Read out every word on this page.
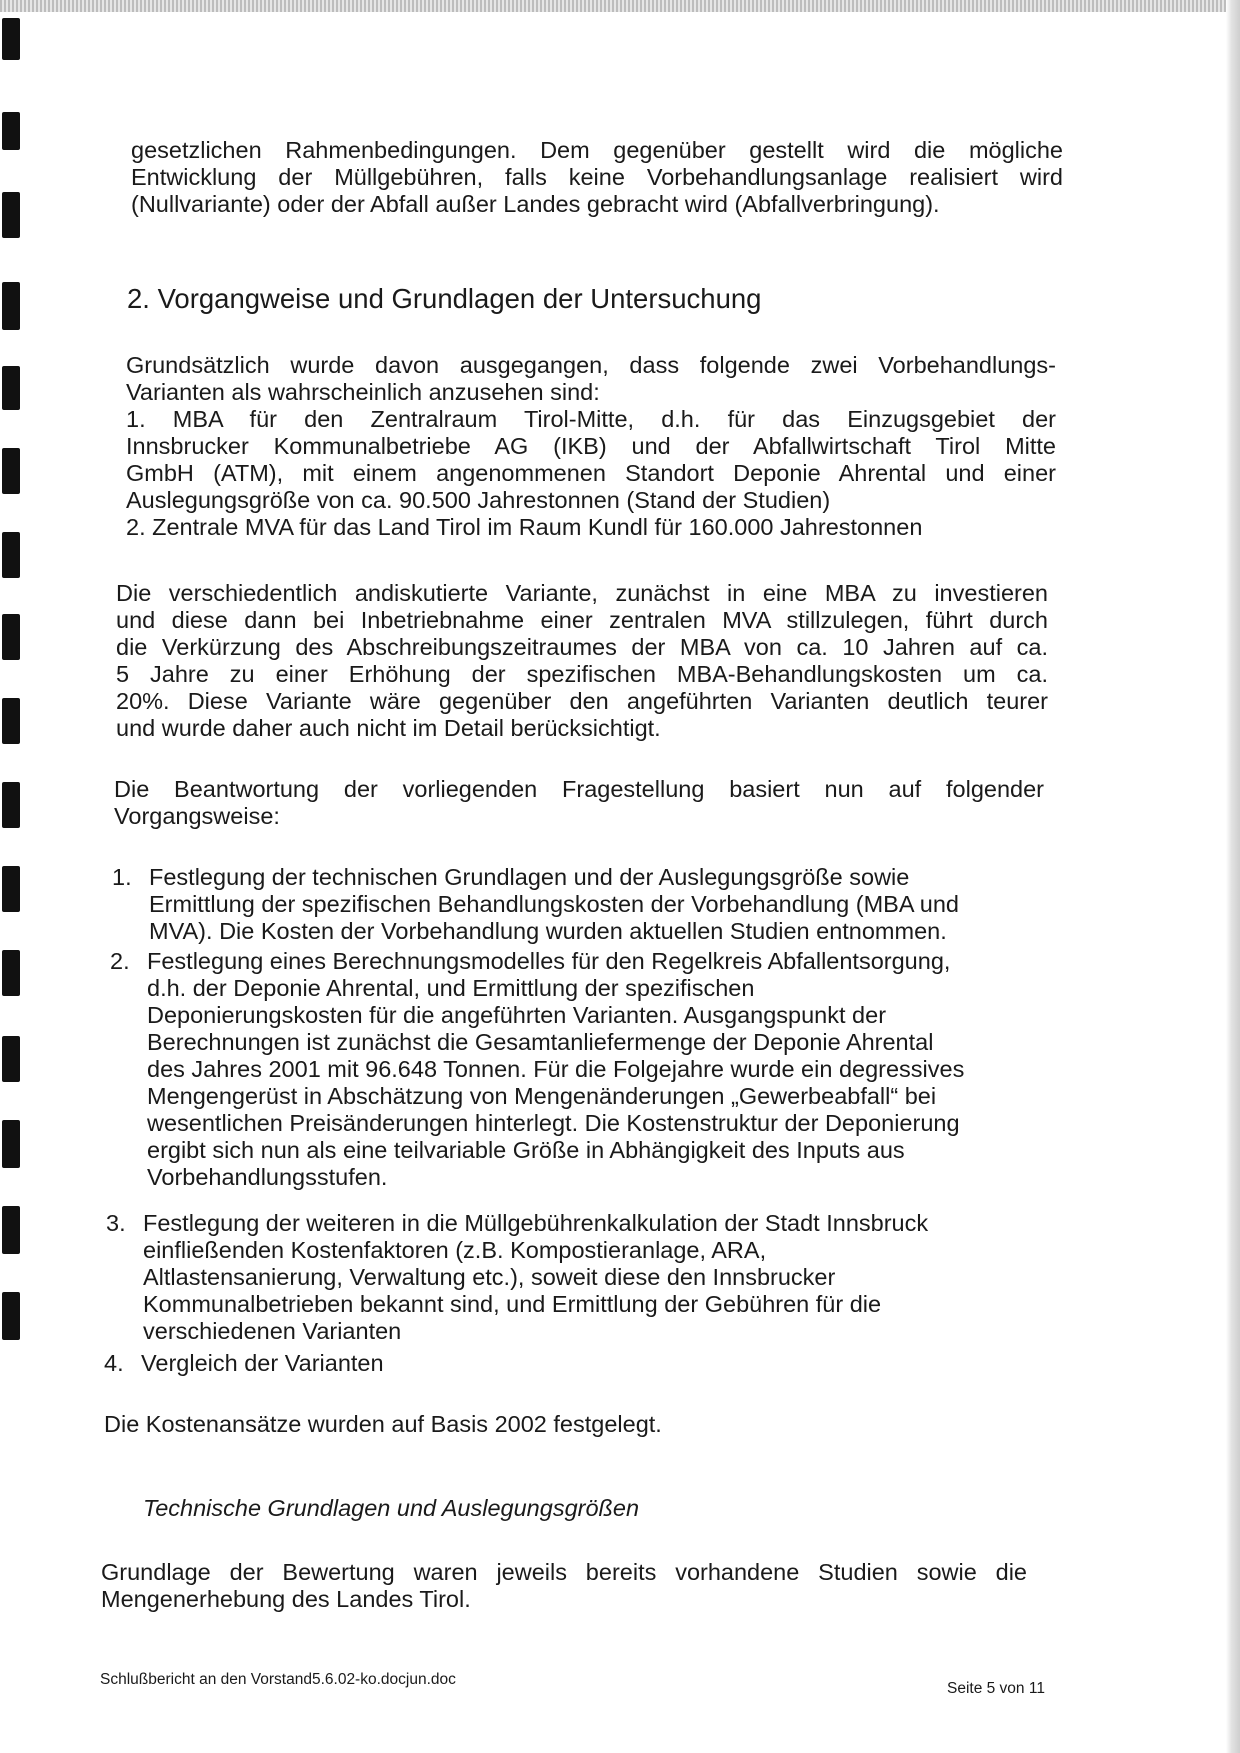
gesetzlichen Rahmenbedingungen. Dem gegenüber gestellt wird die mögliche
Entwicklung der Müllgebühren, falls keine Vorbehandlungsanlage realisiert wird
(Nullvariante) oder der Abfall außer Landes gebracht wird (Abfallverbringung).
2. Vorgangweise und Grundlagen der Untersuchung
Grundsätzlich wurde davon ausgegangen, dass folgende zwei Vorbehandlungs-
Varianten als wahrscheinlich anzusehen sind:
1. MBA für den Zentralraum Tirol-Mitte, d.h. für das Einzugsgebiet der
Innsbrucker Kommunalbetriebe AG (IKB) und der Abfallwirtschaft Tirol Mitte
GmbH (ATM), mit einem angenommenen Standort Deponie Ahrental und einer
Auslegungsgröße von ca. 90.500 Jahrestonnen (Stand der Studien)
2. Zentrale MVA für das Land Tirol im Raum Kundl für 160.000 Jahrestonnen
Die verschiedentlich andiskutierte Variante, zunächst in eine MBA zu investieren
und diese dann bei Inbetriebnahme einer zentralen MVA stillzulegen, führt durch
die Verkürzung des Abschreibungszeitraumes der MBA von ca. 10 Jahren auf ca.
5 Jahre zu einer Erhöhung der spezifischen MBA-Behandlungskosten um ca.
20%. Diese Variante wäre gegenüber den angeführten Varianten deutlich teurer
und wurde daher auch nicht im Detail berücksichtigt.
Die Beantwortung der vorliegenden Fragestellung basiert nun auf folgender
Vorgangsweise:
1. Festlegung der technischen Grundlagen und der Auslegungsgröße sowie
Ermittlung der spezifischen Behandlungskosten der Vorbehandlung (MBA und
MVA). Die Kosten der Vorbehandlung wurden aktuellen Studien entnommen.
2. Festlegung eines Berechnungsmodelles für den Regelkreis Abfallentsorgung,
d.h. der Deponie Ahrental, und Ermittlung der spezifischen
Deponierungskosten für die angeführten Varianten. Ausgangspunkt der
Berechnungen ist zunächst die Gesamtanliefermenge der Deponie Ahrental
des Jahres 2001 mit 96.648 Tonnen. Für die Folgejahre wurde ein degressives
Mengengerüst in Abschätzung von Mengenänderungen „Gewerbeabfall“ bei
wesentlichen Preisänderungen hinterlegt. Die Kostenstruktur der Deponierung
ergibt sich nun als eine teilvariable Größe in Abhängigkeit des Inputs aus
Vorbehandlungsstufen.
3. Festlegung der weiteren in die Müllgebührenkalkulation der Stadt Innsbruck
einfließenden Kostenfaktoren (z.B. Kompostieranlage, ARA,
Altlastensanierung, Verwaltung etc.), soweit diese den Innsbrucker
Kommunalbetrieben bekannt sind, und Ermittlung der Gebühren für die
verschiedenen Varianten
4. Vergleich der Varianten
Die Kostenansätze wurden auf Basis 2002 festgelegt.
Technische Grundlagen und Auslegungsgrößen
Grundlage der Bewertung waren jeweils bereits vorhandene Studien sowie die
Mengenerhebung des Landes Tirol.
Schlußbericht an den Vorstand5.6.02-ko.docjun.doc
Seite 5 von 11
